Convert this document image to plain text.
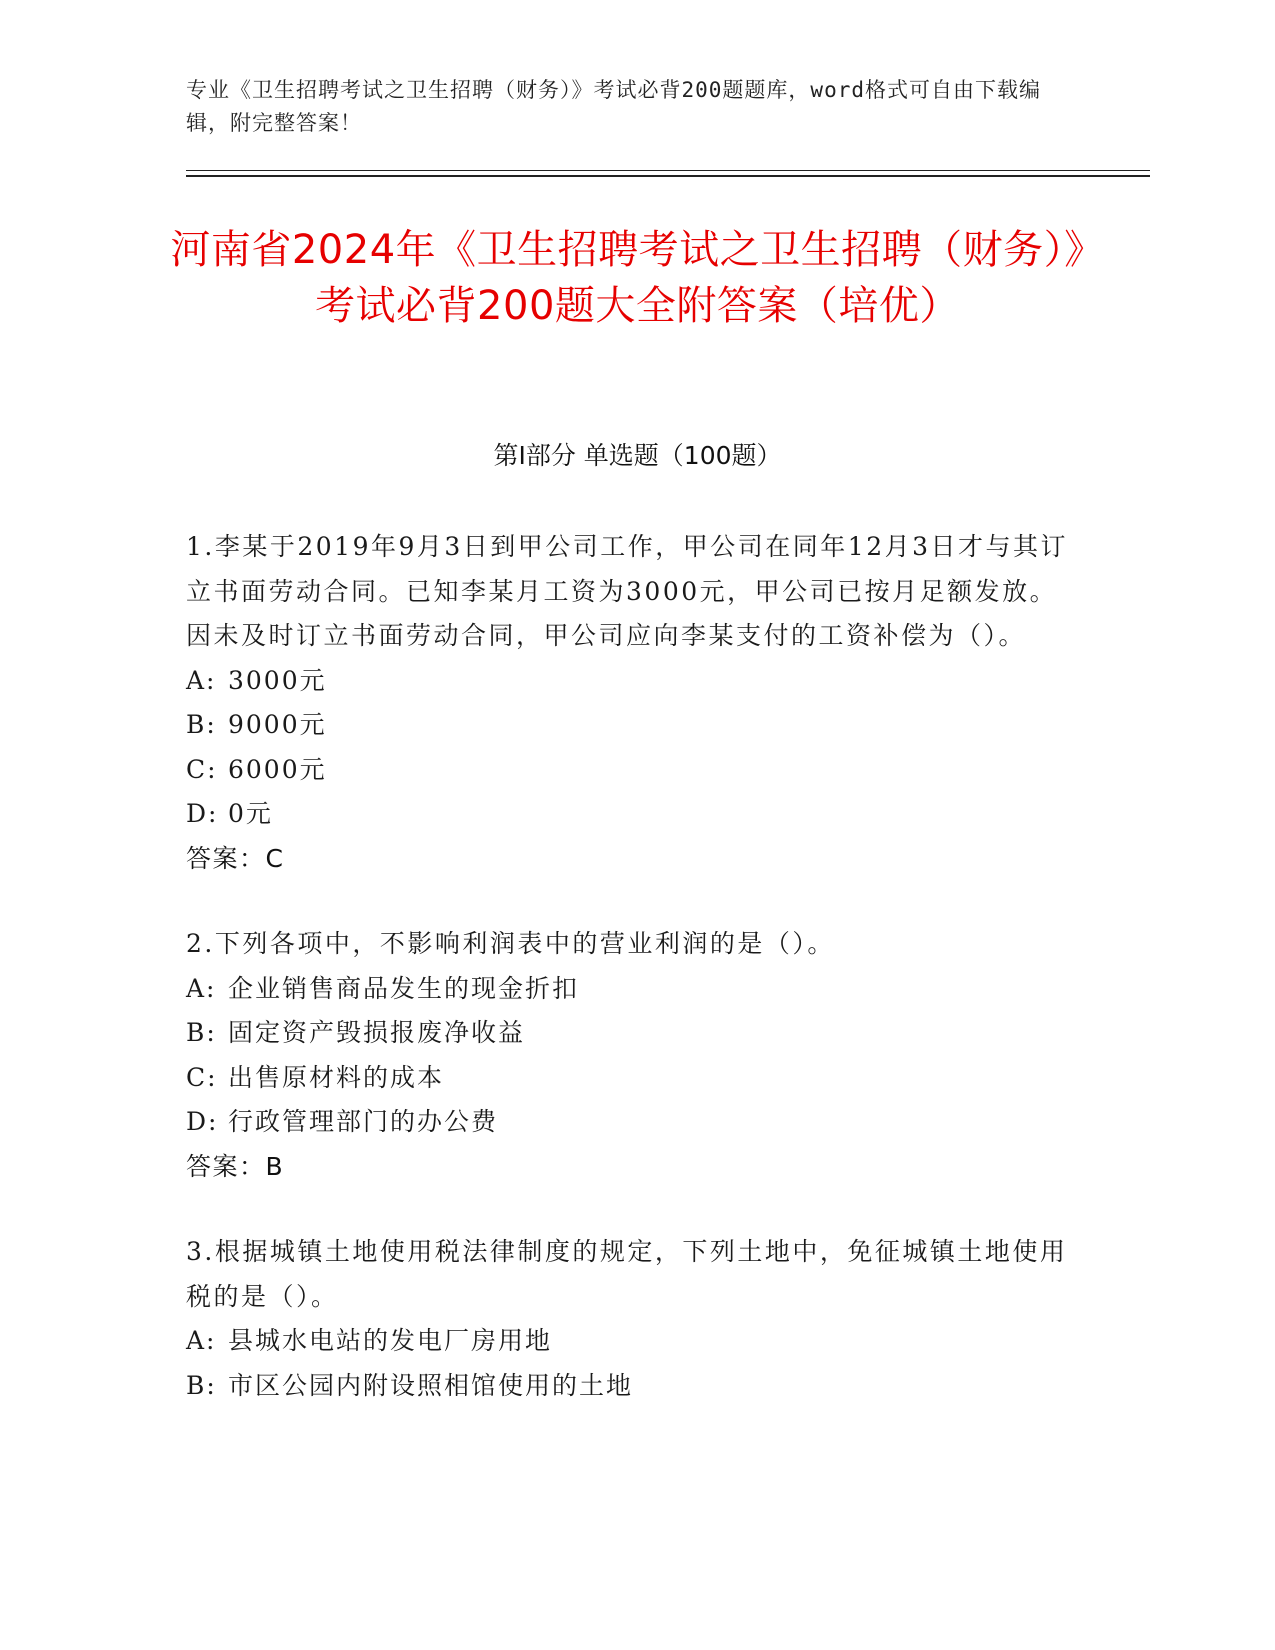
专业《卫生招聘考试之卫生招聘（财务）》考试必背200题题库，word格式可自由下载编辑，附完整答案！
河南省2024年《卫生招聘考试之卫生招聘（财务）》考试必背200题大全附答案（培优）
第I部分 单选题（100题）
1.李某于2019年9月3日到甲公司工作，甲公司在同年12月3日才与其订立书面劳动合同。已知李某月工资为3000元，甲公司已按月足额发放。因未及时订立书面劳动合同，甲公司应向李某支付的工资补偿为（）。
A: 3000元
B: 9000元
C: 6000元
D: 0元
答案：C
2.下列各项中，不影响利润表中的营业利润的是（）。
A: 企业销售商品发生的现金折扣
B: 固定资产毁损报废净收益
C: 出售原材料的成本
D: 行政管理部门的办公费
答案：B
3.根据城镇土地使用税法律制度的规定，下列土地中，免征城镇土地使用税的是（）。
A: 县城水电站的发电厂房用地
B: 市区公园内附设照相馆使用的土地
